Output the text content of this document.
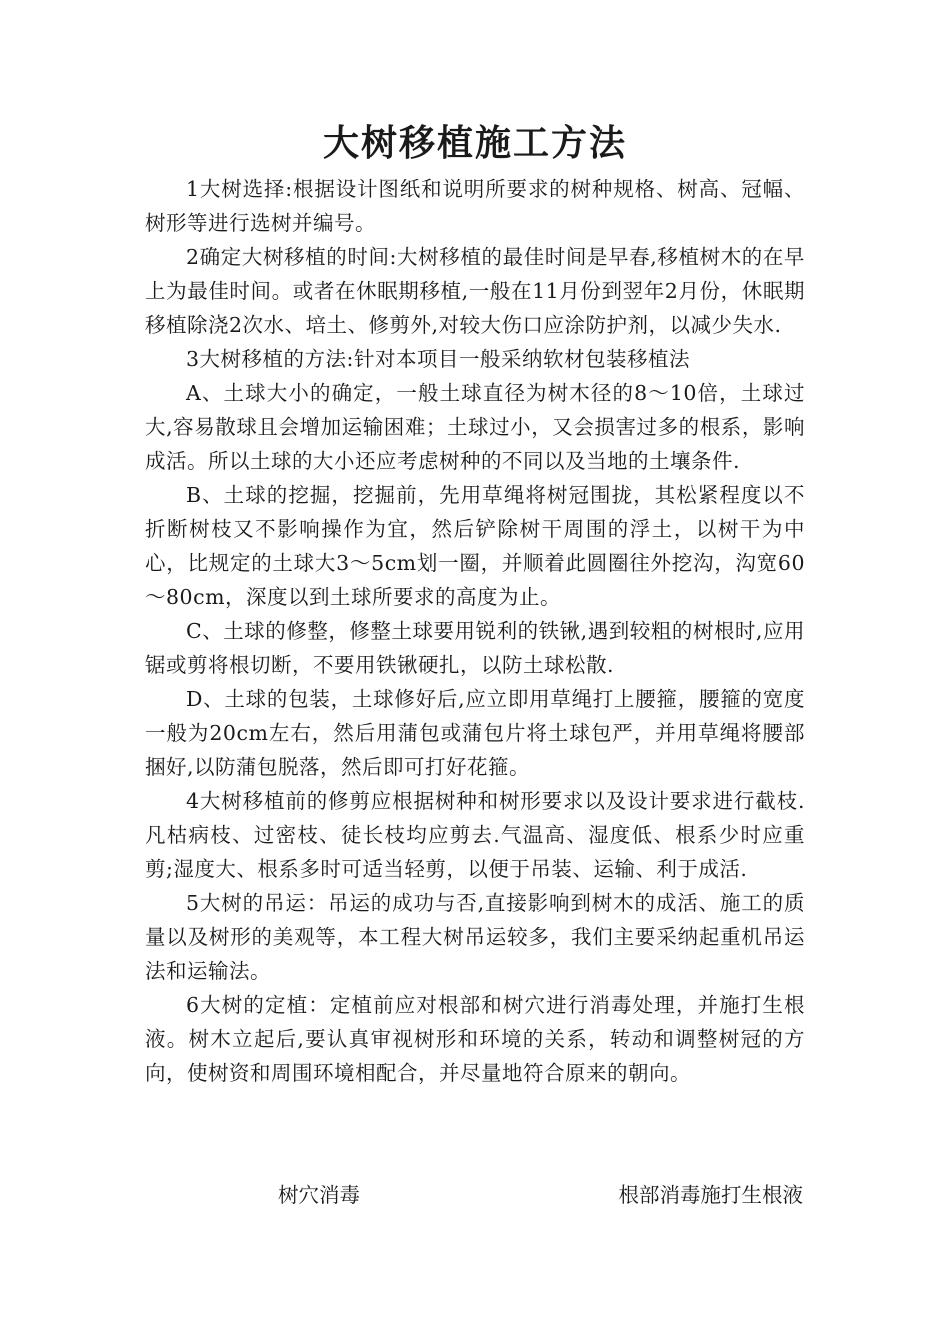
大树移植施工方法

1大树选择:根据设计图纸和说明所要求的树种规格、树高、冠幅、树形等进行选树并编号。

2确定大树移植的时间:大树移植的最佳时间是早春,移植树木的在早上为最佳时间。或者在休眠期移植,一般在11月份到翌年2月份，休眠期移植除浇2次水、培土、修剪外,对较大伤口应涂防护剂，以减少失水.

3大树移植的方法:针对本项目一般采纳软材包装移植法

A、土球大小的确定，一般土球直径为树木径的8～10倍，土球过大,容易散球且会增加运输困难；土球过小，又会损害过多的根系，影响成活。所以土球的大小还应考虑树种的不同以及当地的土壤条件.

B、土球的挖掘，挖掘前，先用草绳将树冠围拢，其松紧程度以不折断树枝又不影响操作为宜，然后铲除树干周围的浮土，以树干为中心，比规定的土球大3～5cm划一圈，并顺着此圆圈往外挖沟，沟宽60～80cm，深度以到土球所要求的高度为止。

C、土球的修整，修整土球要用锐利的铁锹,遇到较粗的树根时,应用锯或剪将根切断，不要用铁锹硬扎，以防土球松散.

D、土球的包装，土球修好后,应立即用草绳打上腰箍，腰箍的宽度一般为20cm左右，然后用蒲包或蒲包片将土球包严，并用草绳将腰部捆好,以防蒲包脱落，然后即可打好花箍。

4大树移植前的修剪应根据树种和树形要求以及设计要求进行截枝.凡枯病枝、过密枝、徒长枝均应剪去.气温高、湿度低、根系少时应重剪;湿度大、根系多时可适当轻剪，以便于吊装、运输、利于成活.

5大树的吊运：吊运的成功与否,直接影响到树木的成活、施工的质量以及树形的美观等，本工程大树吊运较多，我们主要采纳起重机吊运法和运输法。

6大树的定植：定植前应对根部和树穴进行消毒处理，并施打生根液。树木立起后,要认真审视树形和环境的关系，转动和调整树冠的方向，使树资和周围环境相配合，并尽量地符合原来的朝向。

树穴消毒	根部消毒施打生根液
